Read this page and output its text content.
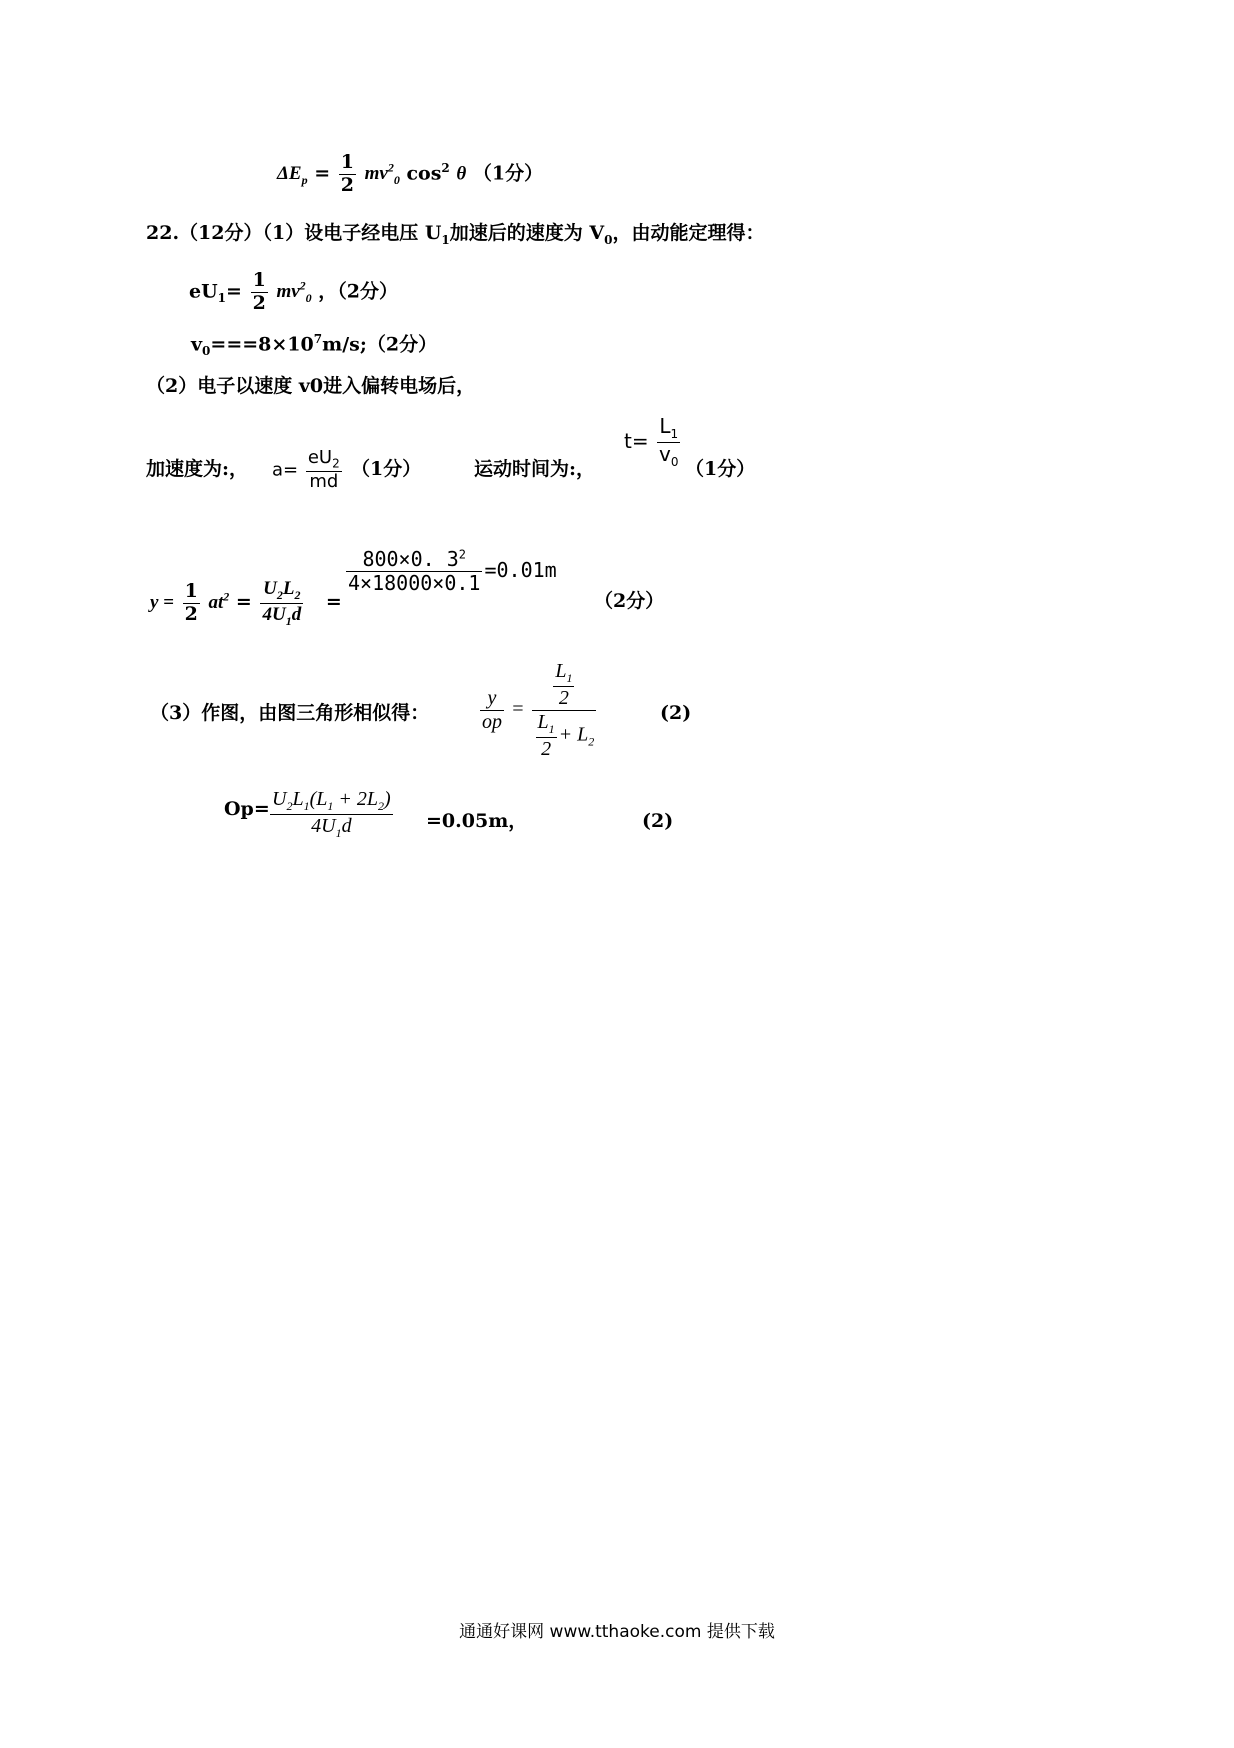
$\Delta E_p = \frac{1}{2} mv^2_0$ $\cos^2 \theta$ （1分）
22.（12分）（1）设电子经电压 $U_1$加速后的速度为 $V_0$，由动能定理得：
$eU_1= \frac{1}{2} mv^2_0$ ，（2分）
$v_0===8\times 10^7m/s;(2$分）
（2）电子以速度 v0进入偏转电场后，
加速度为:， $a= \frac{eU_2}{md} (1$分）	运动时间为:，
$t= \frac{L_1}{v_0} (1$分）
$y = \frac{1}{2} at^2 = \frac{U_2L_2}{4U_1d}$ =
$\frac{800\times 0. 3^2}{4\times 18000\times 0.1} =0.01m$
（2分）
（3）作图，由图三角形相似得：	$\frac{y}{op} = \frac{\frac{L_1}{2}}{\frac{L_1}{2} + L_2}$	(2)
$Op= \frac{U_2L_1(L_1 + 2L_2)}{4U_1d} =0.05m$，	(2)
通通好课网 www.tthaoke.com 提供下载
